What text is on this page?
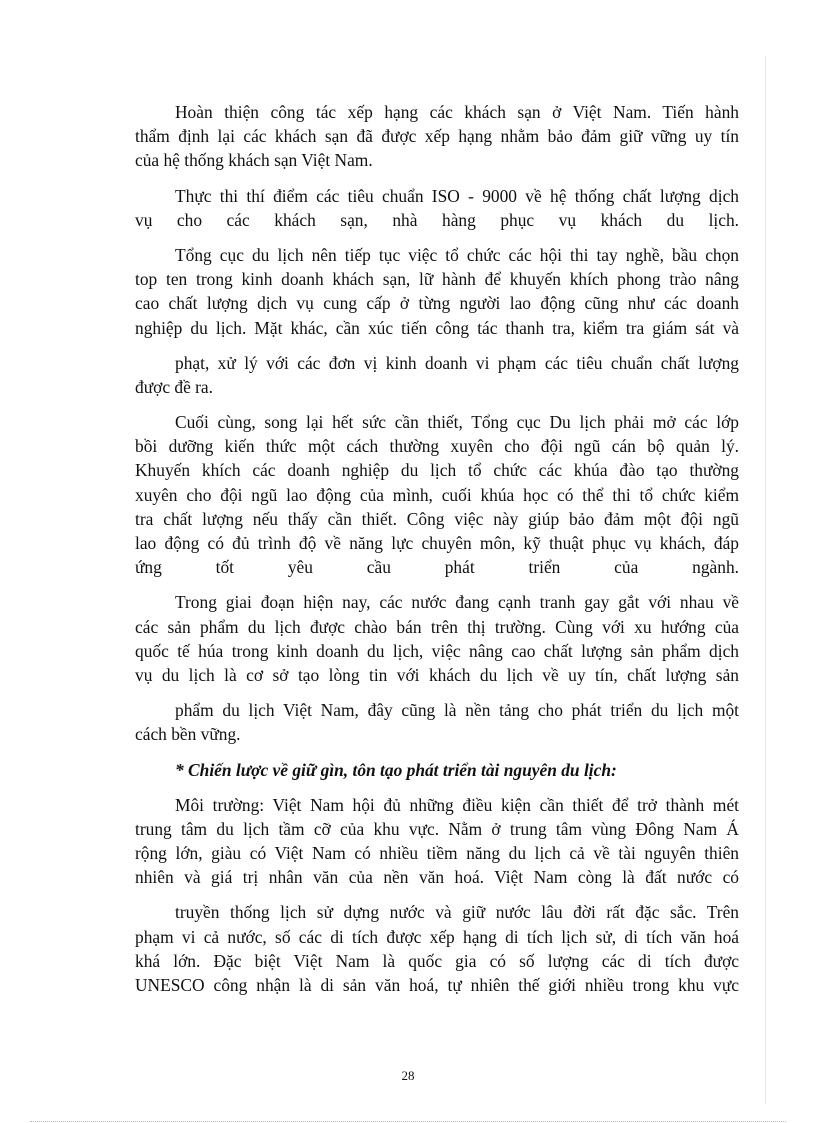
Hoàn thiện công tác xếp hạng các khách sạn ở Việt Nam. Tiến hành
thẩm định lại các khách sạn đã được xếp hạng nhằm bảo đảm giữ vững uy tín
của hệ thống khách sạn Việt Nam.
Thực thi thí điểm các tiêu chuẩn ISO - 9000 về hệ thống chất lượng dịch
vụ cho các khách sạn, nhà hàng phục vụ khách du lịch.
Tổng cục du lịch nên tiếp tục việc tổ chức các hội thi tay nghề, bầu chọn
top ten trong kinh doanh khách sạn, lữ hành để khuyến khích phong trào nâng
cao chất lượng dịch vụ cung cấp ở từng người lao động cũng như các doanh
nghiệp du lịch. Mặt khác, cần xúc tiến công tác thanh tra, kiểm tra giám sát và
phạt, xử lý với các đơn vị kinh doanh vi phạm các tiêu chuẩn chất lượng
được đề ra.
Cuối cùng, song lại hết sức cần thiết, Tổng cục Du lịch phải mở các lớp
bồi dưỡng kiến thức một cách thường xuyên cho đội ngũ cán bộ quản lý.
Khuyến khích các doanh nghiệp du lịch tổ chức các khúa đào tạo thường
xuyên cho đội ngũ lao động của mình, cuối khúa học có thể thi tổ chức kiểm
tra chất lượng nếu thấy cần thiết. Công việc này giúp bảo đảm một đội ngũ
lao động có đủ trình độ về năng lực chuyên môn, kỹ thuật phục vụ khách, đáp
ứng tốt yêu cầu phát triển của ngành.
Trong giai đoạn hiện nay, các nước đang cạnh tranh gay gắt với nhau về
các sản phẩm du lịch được chào bán trên thị trường. Cùng với xu hướng của
quốc tế húa trong kinh doanh du lịch, việc nâng cao chất lượng sản phẩm dịch
vụ du lịch là cơ sở tạo lòng tin với khách du lịch về uy tín, chất lượng sản
phẩm du lịch Việt Nam, đây cũng là nền tảng cho phát triển du lịch một
cách bền vững.
* Chiến lược về giữ gìn, tôn tạo phát triển tài nguyên du lịch:
Môi trường: Việt Nam hội đủ những điều kiện cần thiết để trở thành mét
trung tâm du lịch tầm cỡ của khu vực. Nằm ở trung tâm vùng Đông Nam Á
rộng lớn, giàu có Việt Nam có nhiều tiềm năng du lịch cả về tài nguyên thiên
nhiên và giá trị nhân văn của nền văn hoá. Việt Nam còng là đất nước có
truyền thống lịch sử dựng nước và giữ nước lâu đời rất đặc sắc. Trên
phạm vi cả nước, số các di tích được xếp hạng di tích lịch sử, di tích văn hoá
khá lớn. Đặc biệt Việt Nam là quốc gia có số lượng các di tích được
UNESCO công nhận là di sản văn hoá, tự nhiên thế giới nhiều trong khu vực
28
